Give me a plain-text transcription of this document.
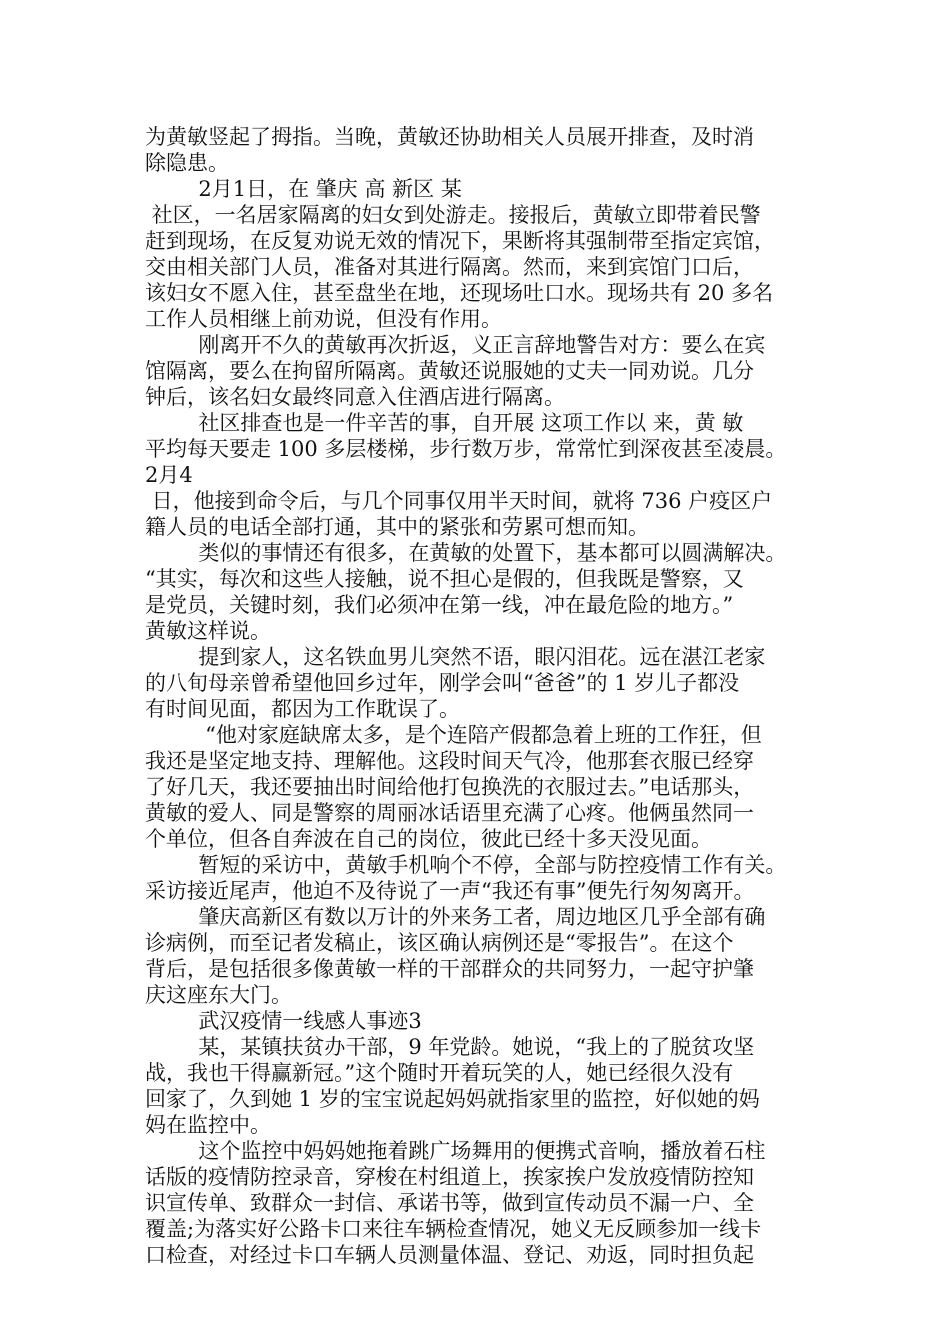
为黄敏竖起了拇指。当晚，黄敏还协助相关人员展开排查，及时消
除隐患。
2月1日，在 肇庆 高 新区 某
社区，一名居家隔离的妇女到处游走。接报后，黄敏立即带着民警
赶到现场，在反复劝说无效的情况下，果断将其强制带至指定宾馆，
交由相关部门人员，准备对其进行隔离。然而，来到宾馆门口后，
该妇女不愿入住，甚至盘坐在地，还现场吐口水。现场共有 20 多名
工作人员相继上前劝说，但没有作用。
刚离开不久的黄敏再次折返，义正言辞地警告对方：要么在宾
馆隔离，要么在拘留所隔离。黄敏还说服她的丈夫一同劝说。几分
钟后，该名妇女最终同意入住酒店进行隔离。
社区排查也是一件辛苦的事，自开展 这项工作以 来，黄 敏
平均每天要走 100 多层楼梯，步行数万步，常常忙到深夜甚至凌晨。
2月4
日，他接到命令后，与几个同事仅用半天时间，就将 736 户疫区户
籍人员的电话全部打通，其中的紧张和劳累可想而知。
类似的事情还有很多，在黄敏的处置下，基本都可以圆满解决。
“其实，每次和这些人接触，说不担心是假的，但我既是警察，又
是党员，关键时刻，我们必须冲在第一线，冲在最危险的地方。”
黄敏这样说。
提到家人，这名铁血男儿突然不语，眼闪泪花。远在湛江老家
的八旬母亲曾希望他回乡过年，刚学会叫“爸爸”的 1 岁儿子都没
有时间见面，都因为工作耽误了。
“他对家庭缺席太多，是个连陪产假都急着上班的工作狂，但
我还是坚定地支持、理解他。这段时间天气冷，他那套衣服已经穿
了好几天，我还要抽出时间给他打包换洗的衣服过去。”电话那头，
黄敏的爱人、同是警察的周丽冰话语里充满了心疼。他俩虽然同一
个单位，但各自奔波在自己的岗位，彼此已经十多天没见面。
暂短的采访中，黄敏手机响个不停，全部与防控疫情工作有关。
采访接近尾声，他迫不及待说了一声“我还有事”便先行匆匆离开。
肇庆高新区有数以万计的外来务工者，周边地区几乎全部有确
诊病例，而至记者发稿止，该区确认病例还是“零报告”。在这个
背后，是包括很多像黄敏一样的干部群众的共同努力，一起守护肇
庆这座东大门。
武汉疫情一线感人事迹3
某，某镇扶贫办干部，9 年党龄。她说，“我上的了脱贫攻坚
战，我也干得赢新冠。”这个随时开着玩笑的人，她已经很久没有
回家了，久到她 1 岁的宝宝说起妈妈就指家里的监控，好似她的妈
妈在监控中。
这个监控中妈妈她拖着跳广场舞用的便携式音响，播放着石柱
话版的疫情防控录音，穿梭在村组道上，挨家挨户发放疫情防控知
识宣传单、致群众一封信、承诺书等，做到宣传动员不漏一户、全
覆盖;为落实好公路卡口来往车辆检查情况，她义无反顾参加一线卡
口检查，对经过卡口车辆人员测量体温、登记、劝返，同时担负起
